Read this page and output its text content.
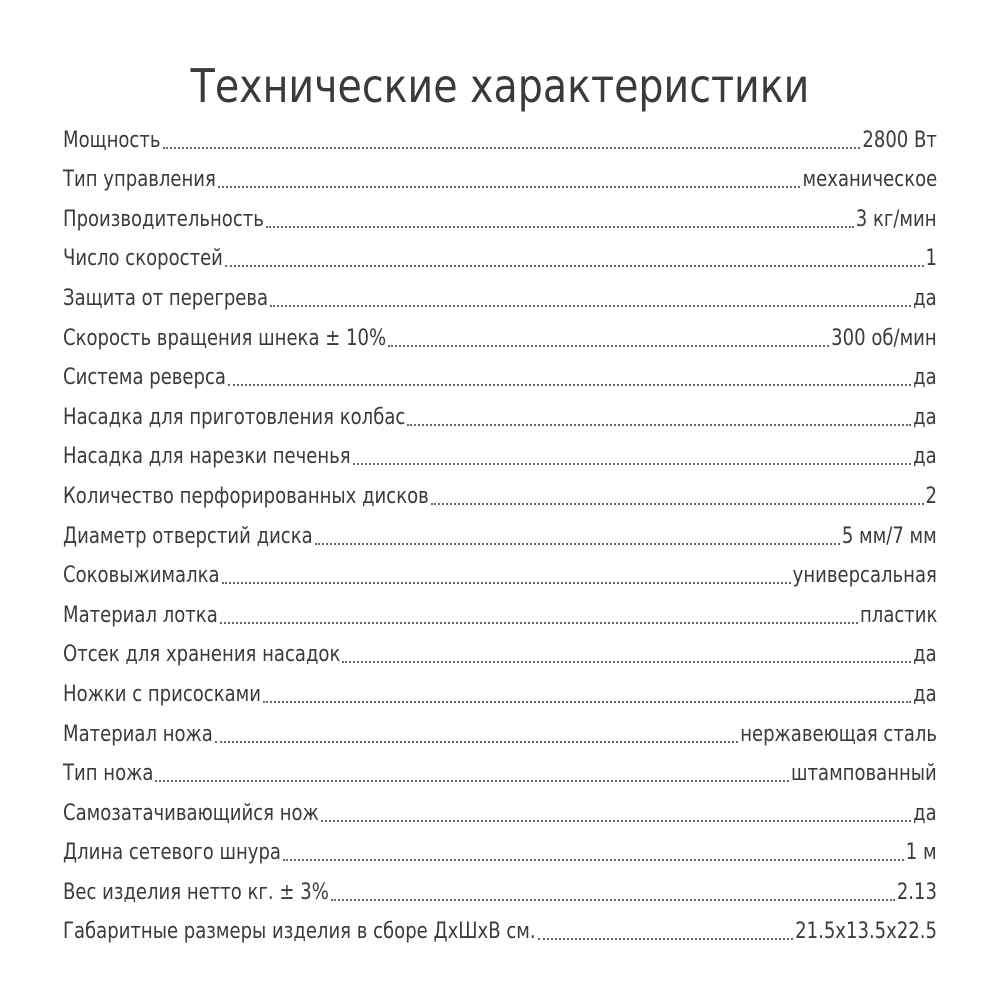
Технические характеристики
Мощность	2800 Вт
Тип управления	механическое
Производительность	3 кг/мин
Число скоростей	1
Защита от перегрева	да
Скорость вращения шнека ± 10%	300 об/мин
Система реверса	да
Насадка для приготовления колбас	да
Насадка для нарезки печенья	да
Количество перфорированных дисков	2
Диаметр отверстий диска	5 мм/7 мм
Соковыжималка	универсальная
Материал лотка	пластик
Отсек для хранения насадок	да
Ножки с присосками	да
Материал ножа	нержавеющая сталь
Тип ножа	штампованный
Самозатачивающийся нож	да
Длина сетевого шнура	1 м
Вес изделия нетто кг. ± 3%	2.13
Габаритные размеры изделия в сборе ДхШхВ см.	21.5x13.5x22.5
